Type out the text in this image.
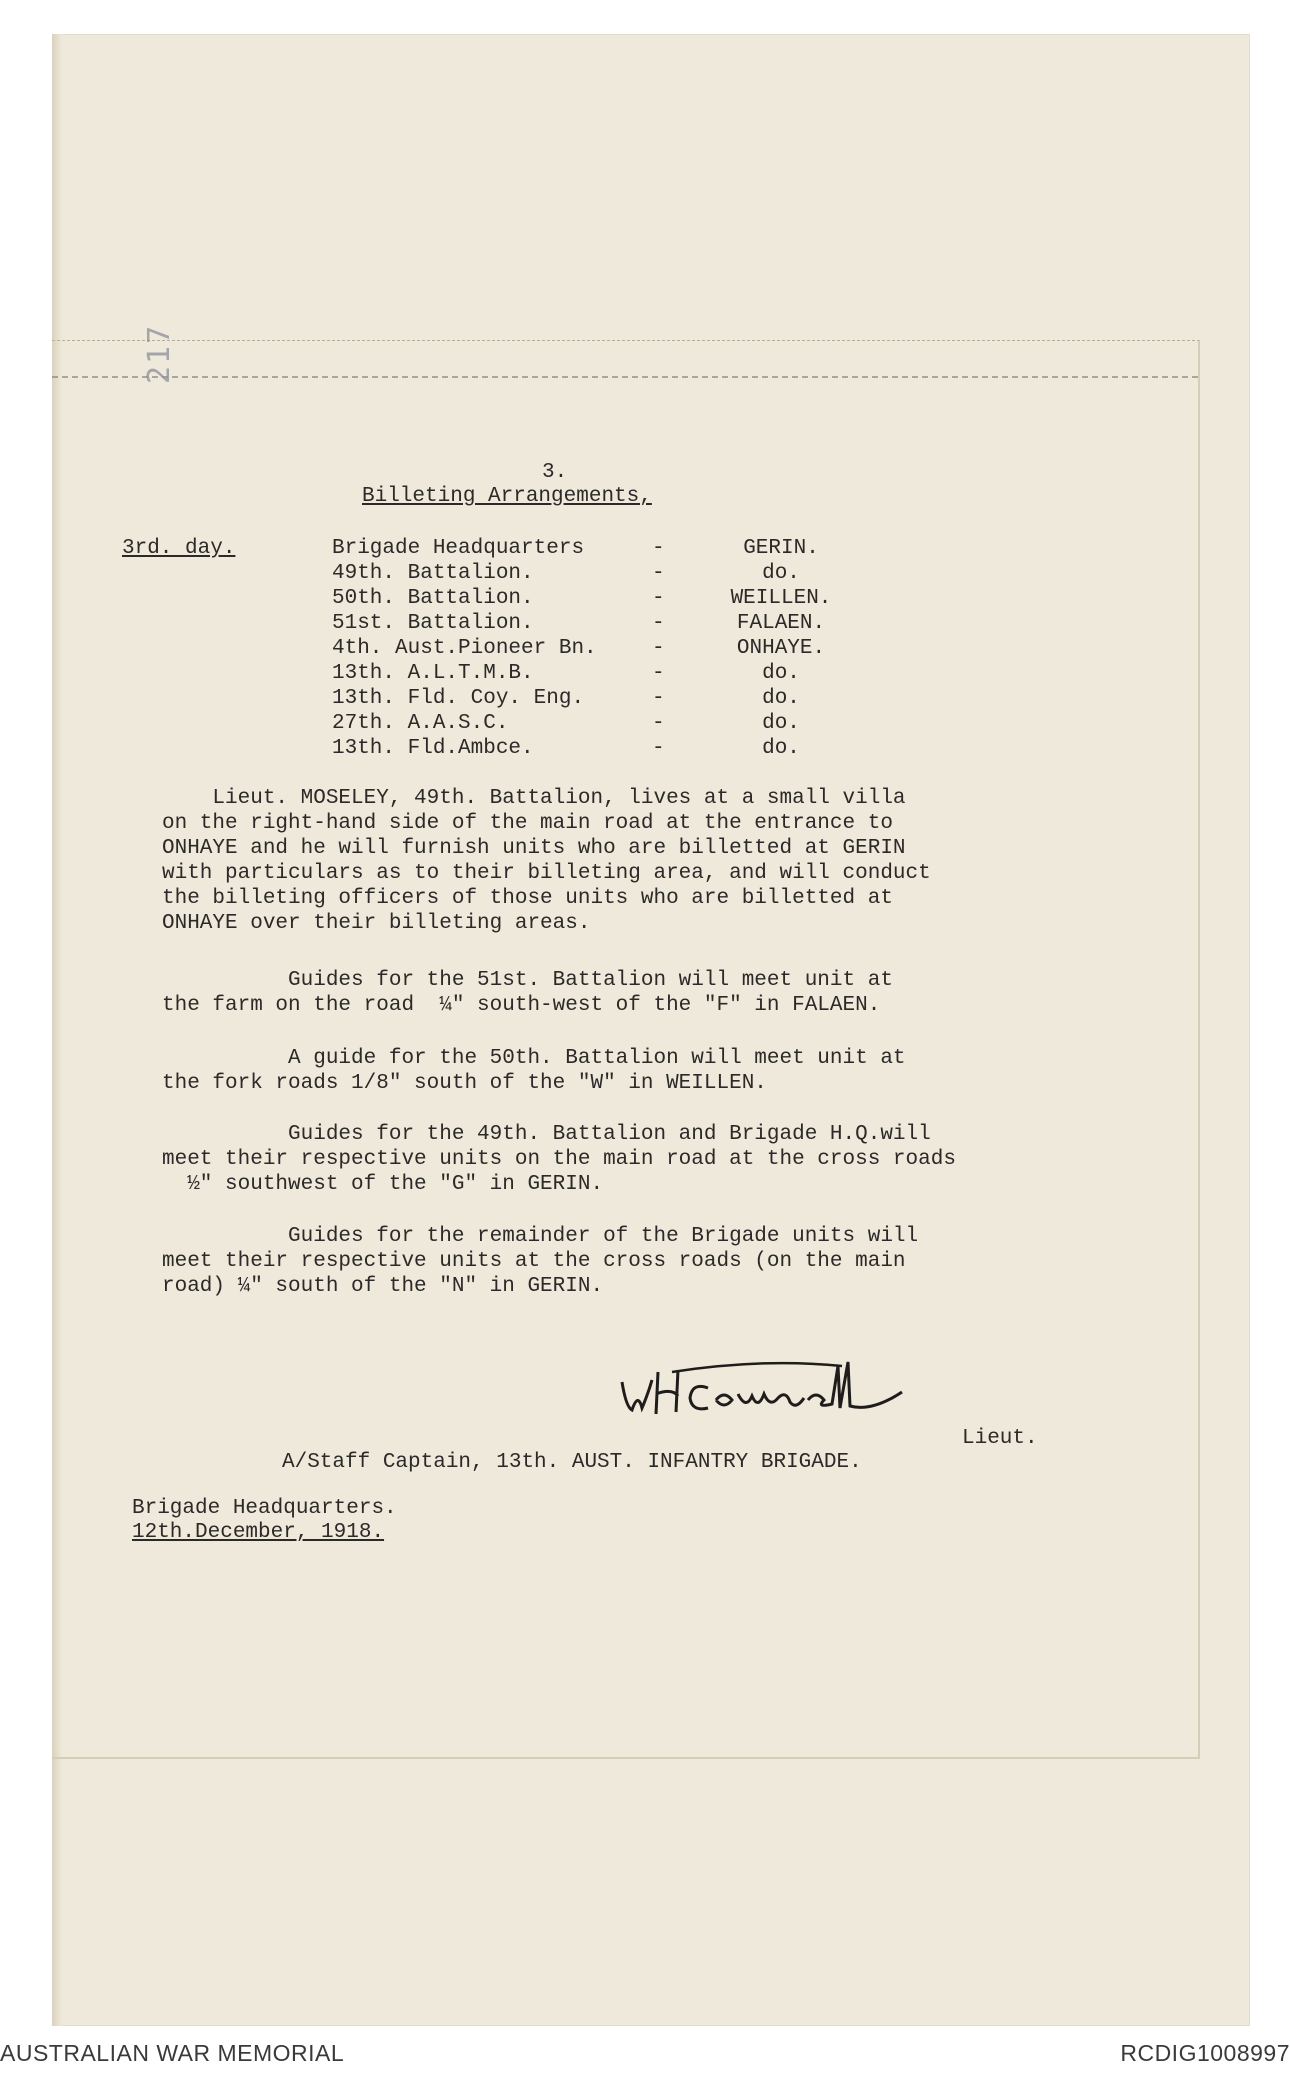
217
3.
Billeting Arrangements,
3rd. day.	Brigade Headquarters	-	GERIN.
49th. Battalion.	-	do.
50th. Battalion.	-	WEILLEN.
51st. Battalion.	-	FALAEN.
4th. Aust.Pioneer Bn.	-	ONHAYE.
13th. A.L.T.M.B.	-	do.
13th. Fld. Coy. Eng.	-	do.
27th. A.A.S.C.	-	do.
13th. Fld.Ambce.	-	do.
Lieut. MOSELEY, 49th. Battalion, lives at a small villa
on the right-hand side of the main road at the entrance to
ONHAYE and he will furnish units who are billetted at GERIN
with particulars as to their billeting area, and will conduct
the billeting officers of those units who are billetted at
ONHAYE over their billeting areas.
Guides for the 51st. Battalion will meet unit at
the farm on the road  ¼" south-west of the "F" in FALAEN.
A guide for the 50th. Battalion will meet unit at
the fork roads 1/8" south of the "W" in WEILLEN.
Guides for the 49th. Battalion and Brigade H.Q.will
meet their respective units on the main road at the cross roads
½" southwest of the "G" in GERIN.
Guides for the remainder of the Brigade units will
meet their respective units at the cross roads (on the main
road) ¼" south of the "N" in GERIN.
Lieut.
A/Staff Captain, 13th. AUST. INFANTRY BRIGADE.
Brigade Headquarters.
12th.December, 1918.
AUSTRALIAN WAR MEMORIAL	RCDIG1008997
